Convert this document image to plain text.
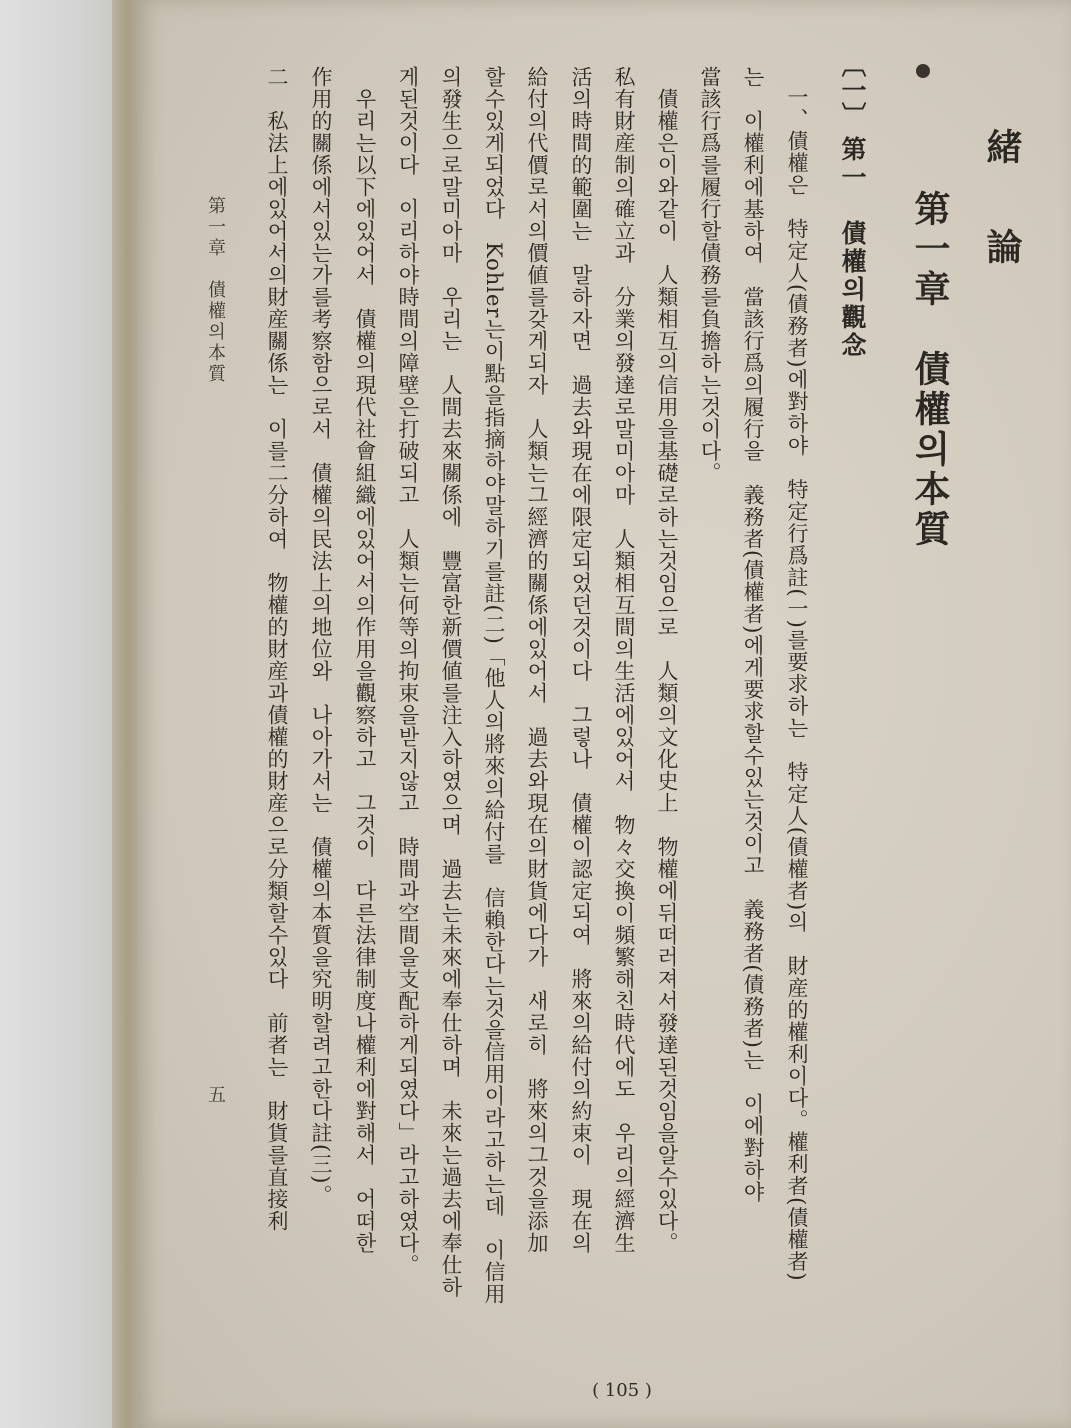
緒　論
第一章　債權의本質
〔一〕
第一　債權의觀念
一、債權은　特定人(債務者)에對하야　特定行爲註(一)를要求하는　特定人(債權者)의　財産的權利이다。權利者(債權者)
는　이權利에基하여　當該行爲의履行을　義務者(債權者)에게要求할수있는것이고　義務者(債務者)는　이에對하야
當該行爲를履行할債務를負擔하는것이다。
債權은이와같이　人類相互의信用을基礎로하는것임으로　人類의文化史上　物權에뒤떠러져서發達된것임을알수있다。
私有財産制의確立과　分業의發達로말미아마　人類相互間의生活에있어서　物々交換이頻繁해친時代에도　우리의經濟生
活의時間的範圍는　말하자면　過去와現在에限定되었던것이다　그렇나　債權이認定되여　將來의給付의約束이　現在의
給付의代價로서의價値를갖게되자　人類는그經濟的關係에있어서　過去와現在의財貨에다가　새로히　將來의그것을添加
할수있게되었다　Kohler는이點을指摘하야말하기를註(二)「他人의將來의給付를　信賴한다는것을信用이라고하는데　이信用
의發生으로말미아마　우리는　人間去來關係에　豐富한新價値를注入하였으며　過去는未來에奉仕하며　未來는過去에奉仕하
게된것이다　이리하야時間의障壁은打破되고　人類는何等의拘束을받지않고　時間과空間을支配하게되였다」라고하였다。
우리는以下에있어서　債權의現代社會組織에있어서의作用을觀察하고　그것이　다른法律制度나權利에對해서　어떠한
作用的關係에서있는가를考察함으로서　債權의民法上의地位와　나아가서는　債權의本質을究明할려고한다註(三)。
二　私法上에있어서의財産關係는　이를二分하여　物權的財産과債權的財産으로分類할수있다　前者는　財貨를直接利
第一章　債權의本質
五
( 105 )
